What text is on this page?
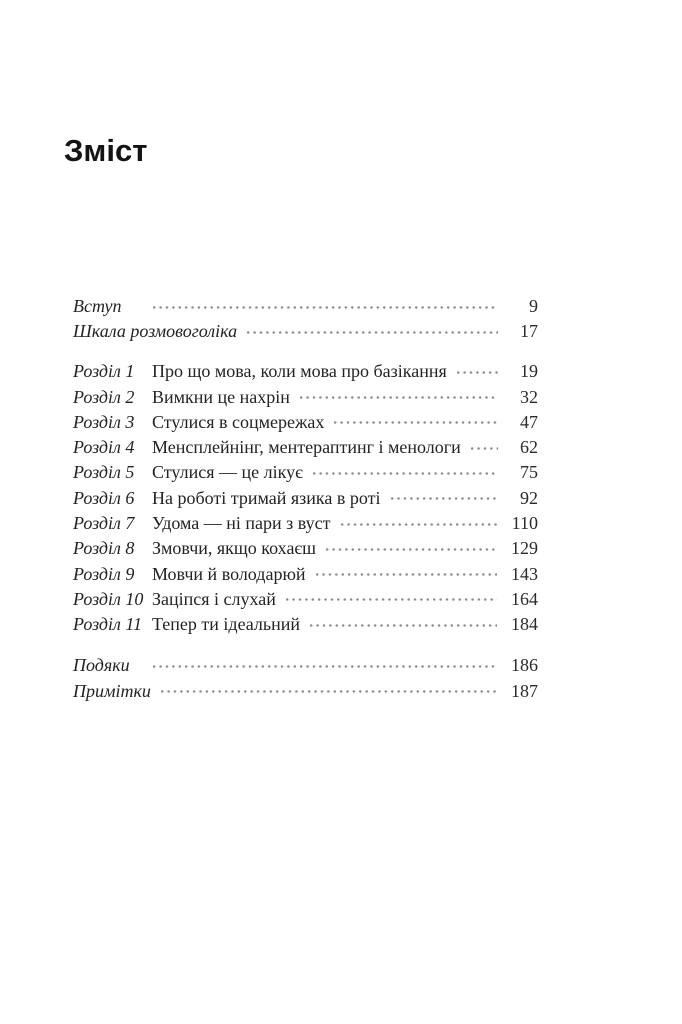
Зміст
Вступ	9
Шкала розмовоголіка	17
Розділ 1 Про що мова, коли мова про базікання	19
Розділ 2 Вимкни це нахрін	32
Розділ 3 Стулися в соцмережах	47
Розділ 4 Менсплейнінг, ментераптинг і менологи	62
Розділ 5 Стулися — це лікує	75
Розділ 6 На роботі тримай язика в роті	92
Розділ 7 Удома — ні пари з вуст	110
Розділ 8 Змовчи, якщо кохаєш	129
Розділ 9 Мовчи й володарюй	143
Розділ 10 Заціпся і слухай	164
Розділ 11 Тепер ти ідеальний	184
Подяки	186
Примітки	187
